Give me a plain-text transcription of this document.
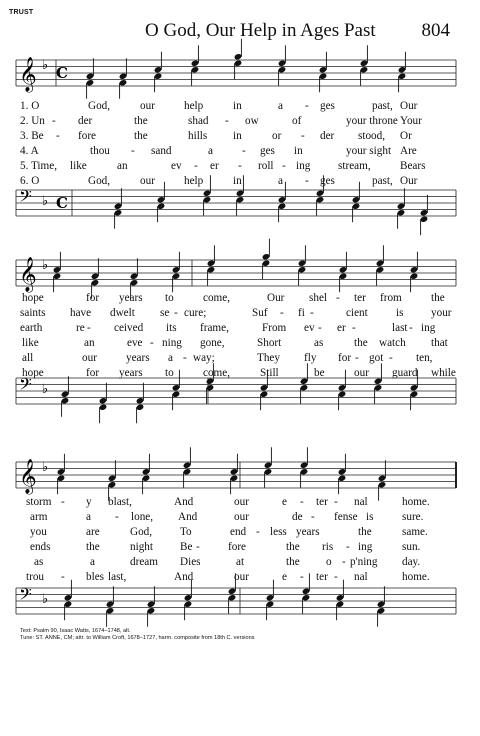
TRUST
O God, Our Help in Ages Past 804
𝄞 ♭ C
1. O	God,	our	help	in	a - ges	past, Our
2. Un - der	the	shad - ow	of	your throne Your
3. Be - fore	the	hills in	or - der stood, Or
4. A	thou - sand	a	- ges in	your sight Are
5. Time, like	an	ev - er - roll - ing stream,	Bears
6. O	God,	our	help	in	a - ges	past, Our
𝄢 ♭ C
𝄞 ♭
hope	for years to	come,	Our shel - ter from	the
saints have dwelt se - cure;	Suf - fi -	cient	is your
earth	re - ceived its frame,	From ev - er -	last - ing
like	an	eve - ning gone,	Short	as	the watch that
all	our	years a - way;	They fly for - got - ten,
hope	for years to	come,	Still	be	our guard while
𝄢 ♭
𝄞 ♭
storm - y blast,	And	our	e - ter - nal	home.
arm	a - lone, And	our	de - fense is	sure.
you	are	God, To	end - less years	the	same.
ends	the	night Be -	fore	the ris - ing	sun.
as	a	dream Dies	at	the o - p'ning day.
trou - bles last,	And	our	e - ter - nal	home.
𝄢 ♭
Text: Psalm 90, Isaac Watts, 1674–1748, alt.
Tune: ST. ANNE, CM; attr. to William Croft, 1678–1727, harm. composite from 18th C. versions
